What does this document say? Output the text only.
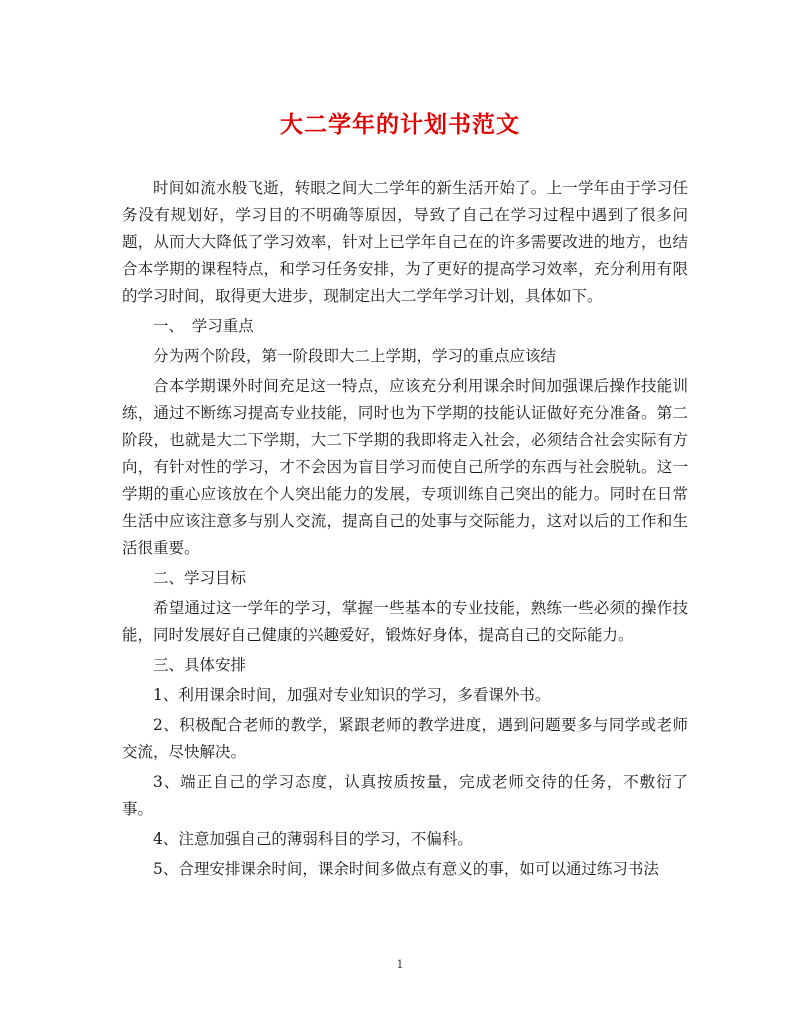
大二学年的计划书范文

时间如流水般飞逝，转眼之间大二学年的新生活开始了。上一学年由于学习任务没有规划好，学习目的不明确等原因，导致了自己在学习过程中遇到了很多问题，从而大大降低了学习效率，针对上已学年自己在的许多需要改进的地方，也结合本学期的课程特点，和学习任务安排，为了更好的提高学习效率，充分利用有限的学习时间，取得更大进步，现制定出大二学年学习计划，具体如下。

一、　学习重点

分为两个阶段，第一阶段即大二上学期，学习的重点应该结

合本学期课外时间充足这一特点，应该充分利用课余时间加强课后操作技能训练，通过不断练习提高专业技能，同时也为下学期的技能认证做好充分准备。第二阶段，也就是大二下学期，大二下学期的我即将走入社会，必须结合社会实际有方向，有针对性的学习，才不会因为盲目学习而使自己所学的东西与社会脱轨。这一学期的重心应该放在个人突出能力的发展，专项训练自己突出的能力。同时在日常生活中应该注意多与别人交流，提高自己的处事与交际能力，这对以后的工作和生活很重要。

二、学习目标

希望通过这一学年的学习，掌握一些基本的专业技能，熟练一些必须的操作技能，同时发展好自己健康的兴趣爱好，锻炼好身体，提高自己的交际能力。

三、具体安排

1、利用课余时间，加强对专业知识的学习，多看课外书。

2、积极配合老师的教学，紧跟老师的教学进度，遇到问题要多与同学或老师交流，尽快解决。

3、端正自己的学习态度，认真按质按量，完成老师交待的任务，不敷衍了事。

4、注意加强自己的薄弱科目的学习，不偏科。

5、合理安排课余时间，课余时间多做点有意义的事，如可以通过练习书法

1
